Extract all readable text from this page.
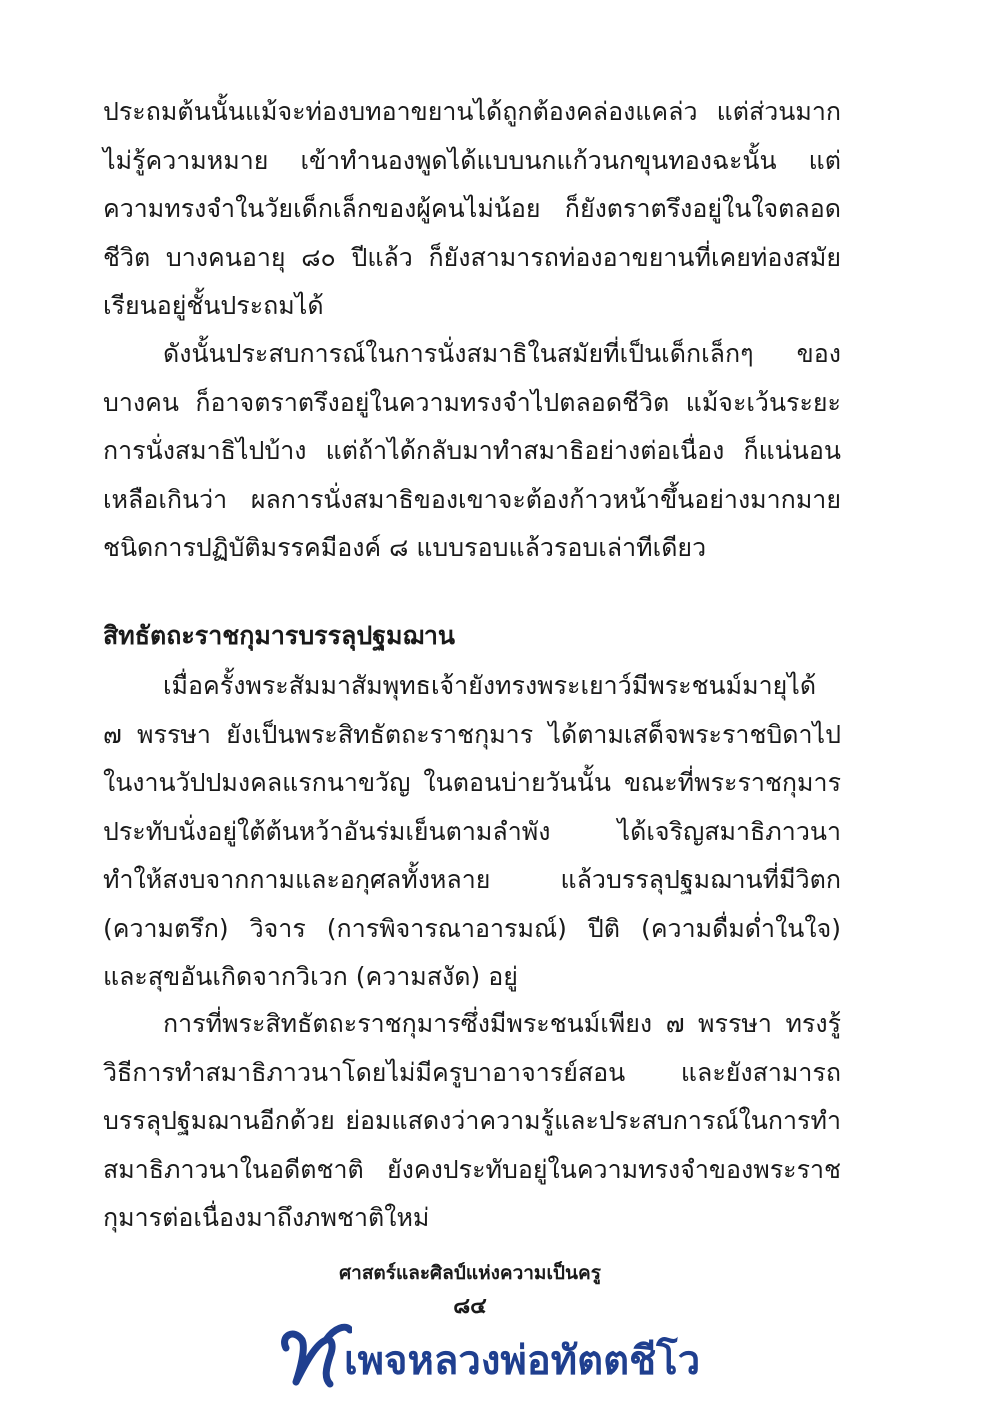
ประถมต้นนั้นแม้จะท่องบทอาขยานได้ถูกต้องคล่องแคล่ว แต่ส่วนมากไม่รู้ความหมาย เข้าทำนองพูดได้แบบนกแก้วนกขุนทองฉะนั้น แต่ความทรงจำในวัยเด็กเล็กของผู้คนไม่น้อย ก็ยังตราตรึงอยู่ในใจตลอดชีวิต บางคนอายุ ๘๐ ปีแล้ว ก็ยังสามารถท่องอาขยานที่เคยท่องสมัยเรียนอยู่ชั้นประถมได้

ดังนั้นประสบการณ์ในการนั่งสมาธิในสมัยที่เป็นเด็กเล็กๆ ของบางคน ก็อาจตราตรึงอยู่ในความทรงจำไปตลอดชีวิต แม้จะเว้นระยะการนั่งสมาธิไปบ้าง แต่ถ้าได้กลับมาทำสมาธิอย่างต่อเนื่อง ก็แน่นอนเหลือเกินว่า ผลการนั่งสมาธิของเขาจะต้องก้าวหน้าขึ้นอย่างมากมายชนิดการปฏิบัติมรรคมีองค์ ๘ แบบรอบแล้วรอบเล่าทีเดียว

สิทธัตถะราชกุมารบรรลุปฐมฌาน

เมื่อครั้งพระสัมมาสัมพุทธเจ้ายังทรงพระเยาว์มีพระชนม์มายุได้ ๗ พรรษา ยังเป็นพระสิทธัตถะราชกุมาร ได้ตามเสด็จพระราชบิดาไปในงานวัปปมงคลแรกนาขวัญ ในตอนบ่ายวันนั้น ขณะที่พระราชกุมารประทับนั่งอยู่ใต้ต้นหว้าอันร่มเย็นตามลำพัง ได้เจริญสมาธิภาวนา ทำให้สงบจากกามและอกุศลทั้งหลาย แล้วบรรลุปฐมฌานที่มีวิตก (ความตรึก) วิจาร (การพิจารณาอารมณ์) ปีติ (ความดื่มด่ำในใจ) และสุขอันเกิดจากวิเวก (ความสงัด) อยู่

การที่พระสิทธัตถะราชกุมารซึ่งมีพระชนม์เพียง ๗ พรรษา ทรงรู้วิธีการทำสมาธิภาวนาโดยไม่มีครูบาอาจารย์สอน และยังสามารถบรรลุปฐมฌานอีกด้วย ย่อมแสดงว่าความรู้และประสบการณ์ในการทำสมาธิภาวนาในอดีตชาติ ยังคงประทับอยู่ในความทรงจำของพระราชกุมารต่อเนื่องมาถึงภพชาติใหม่

ศาสตร์และศิลป์แห่งความเป็นครู
๘๔
เพจหลวงพ่อทัตตชีโว
